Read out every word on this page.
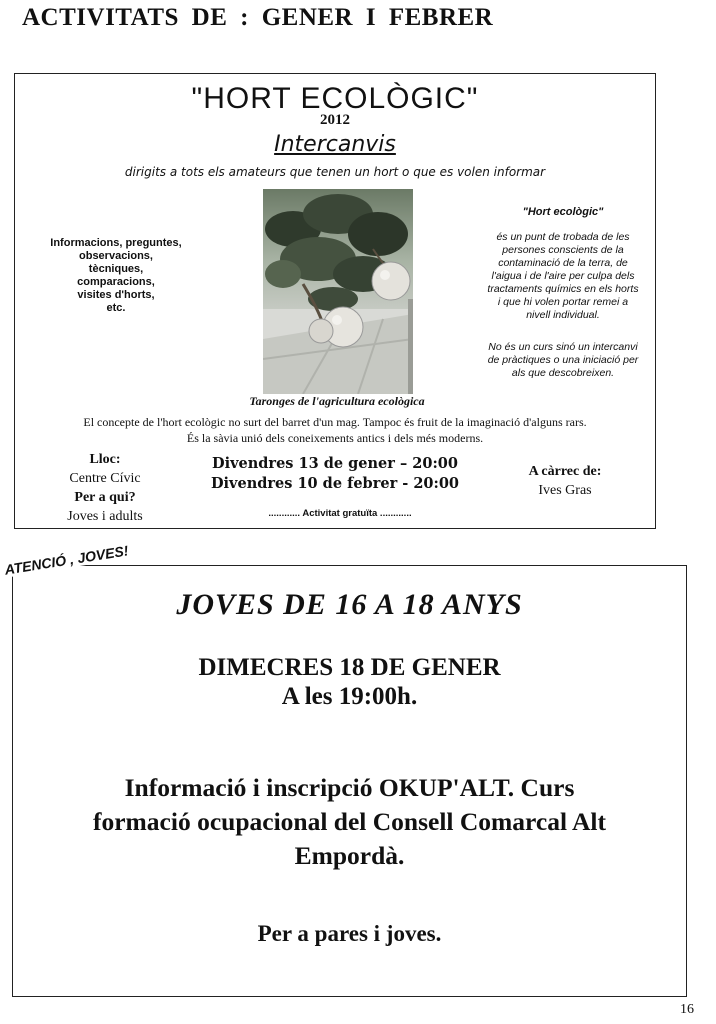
ACTIVITATS DE : GENER I FEBRER
"HORT ECOLÒGIC"
2012
Intercanvis
dirigits a tots els amateurs que tenen un hort o que es volen informar
Informacions, preguntes,
observacions,
tècniques,
comparacions,
visites d'horts,
etc.
Taronges de l'agricultura ecològica
"Hort ecològic"
és un punt de trobada de les
persones conscients de la
contaminació de la terra, de
l'aigua i de l'aire per culpa dels
tractaments químics en els horts
i que hi volen portar remei a
nivell individual.
No és un curs sinó un intercanvi
de pràctiques o una iniciació per
als que descobreixen.
El concepte de l'hort ecològic no surt del barret d'un mag. Tampoc és fruit de la imaginació d'alguns rars.
És la sàvia unió dels coneixements antics i dels més moderns.
Lloc:
Centre Cívic
Per a qui?
Joves i adults
Divendres 13 de gener – 20:00
Divendres 10 de febrer - 20:00
............ Activitat gratuïta ............
A càrrec de:
Ives Gras
JOVES DE 16 A 18 ANYS
DIMECRES 18 DE GENER
A les 19:00h.
Informació i inscripció OKUP'ALT. Curs
formació ocupacional del Consell Comarcal Alt
Empordà.
Per a pares i joves.
ATENCIÓ , JOVES!
16
